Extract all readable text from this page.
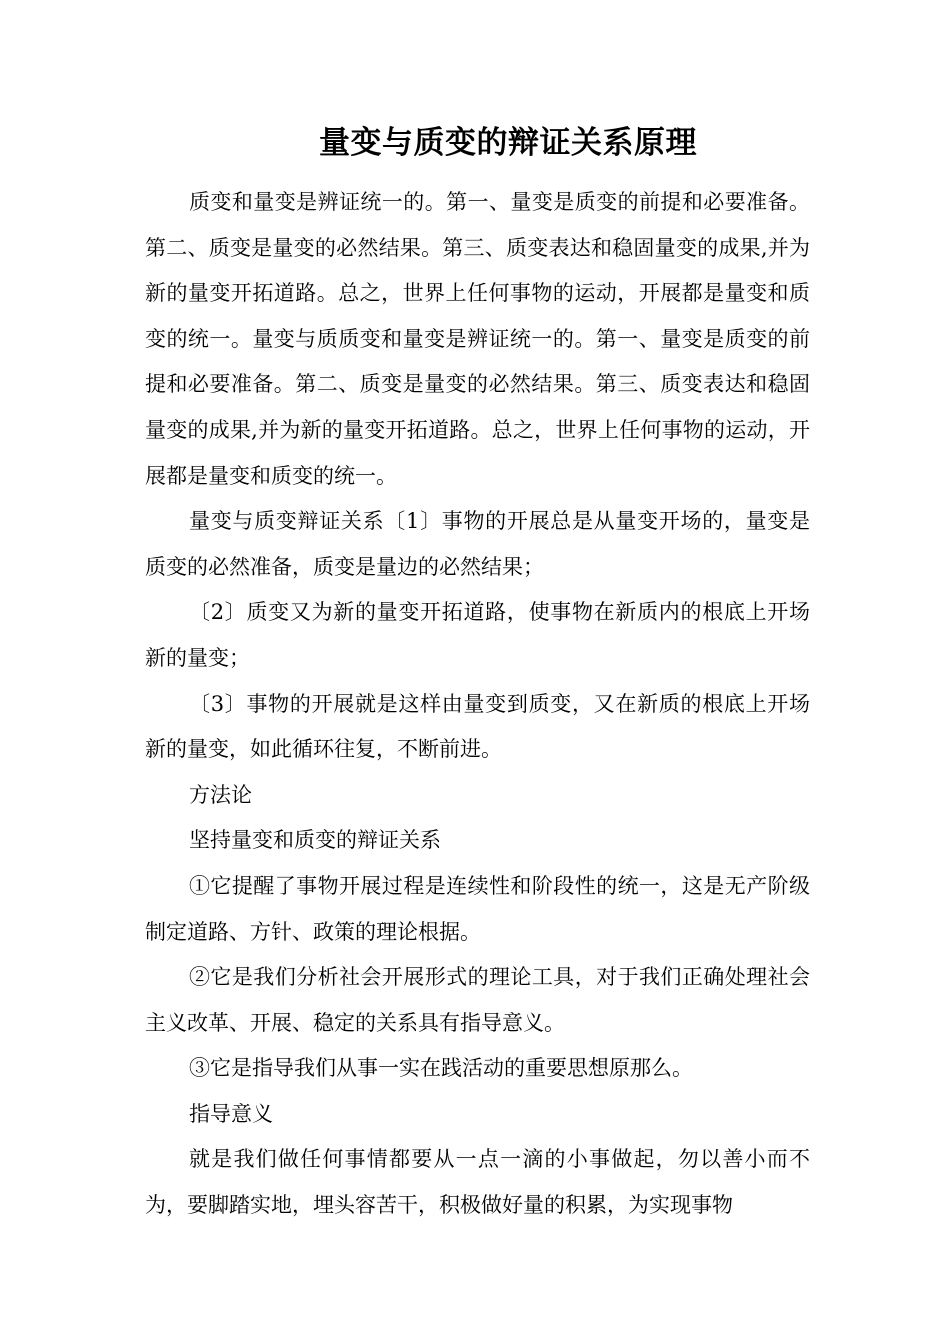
量变与质变的辩证关系原理

质变和量变是辨证统一的。第一、量变是质变的前提和必要准备。第二、质变是量变的必然结果。第三、质变表达和稳固量变的成果,并为新的量变开拓道路。总之，世界上任何事物的运动，开展都是量变和质变的统一。量变与质质变和量变是辨证统一的。第一、量变是质变的前提和必要准备。第二、质变是量变的必然结果。第三、质变表达和稳固量变的成果,并为新的量变开拓道路。总之，世界上任何事物的运动，开展都是量变和质变的统一。

量变与质变辩证关系〔1〕事物的开展总是从量变开场的，量变是质变的必然准备，质变是量边的必然结果；

〔2〕质变又为新的量变开拓道路，使事物在新质内的根底上开场新的量变；

〔3〕事物的开展就是这样由量变到质变，又在新质的根底上开场新的量变，如此循环往复，不断前进。

方法论

坚持量变和质变的辩证关系

①它提醒了事物开展过程是连续性和阶段性的统一，这是无产阶级制定道路、方针、政策的理论根据。

②它是我们分析社会开展形式的理论工具，对于我们正确处理社会主义改革、开展、稳定的关系具有指导意义。

③它是指导我们从事一实在践活动的重要思想原那么。

指导意义

就是我们做任何事情都要从一点一滴的小事做起，勿以善小而不为，要脚踏实地，埋头容苦干，积极做好量的积累，为实现事物
